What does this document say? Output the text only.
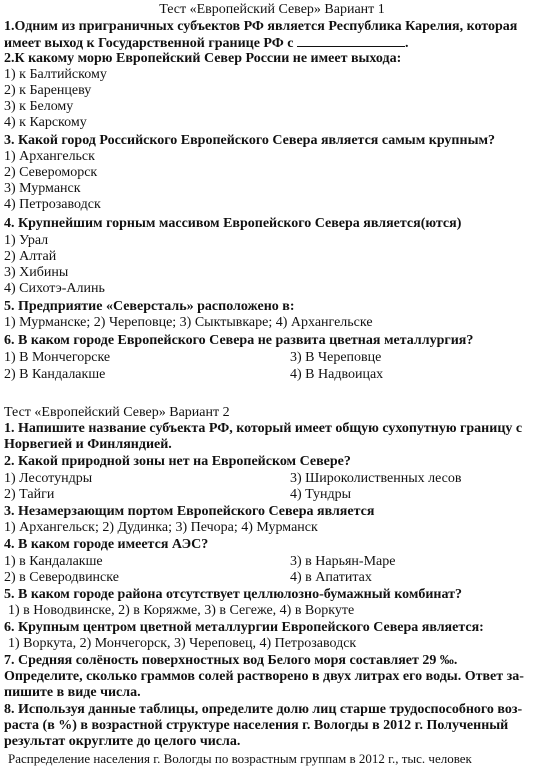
Тест «Европейский Север» Вариант 1
1.Одним из приграничных субъектов РФ является Республика Карелия, которая
имеет выход к Государственной границе РФ с	.
2.К какому морю Европейский Север России не имеет выхода:
1) к Балтийскому
2) к Баренцеву
3) к Белому
4) к Карскому
3. Какой город Российского Европейского Севера является самым крупным?
1) Архангельск
2) Североморск
3) Мурманск
4) Петрозаводск
4. Крупнейшим горным массивом Европейского Севера является(ются)
1) Урал
2) Алтай
3) Хибины
4) Сихотэ-Алинь
5. Предприятие «Северсталь» расположено в:
1) Мурманске; 2) Череповце; 3) Сыктывкаре; 4) Архангельске
6. В каком городе Европейского Севера не развита цветная металлургия?
1) В Мончегорске	3) В Череповце
2) В Кандалакше	4) В Надвоицах
Тест «Европейский Север» Вариант 2
1. Напишите название субъекта РФ, который имеет общую сухопутную границу с
Норвегией и Финляндией.
2. Какой природной зоны нет на Европейском Севере?
1) Лесотундры	3) Широколиственных лесов
2) Тайги	4) Тундры
3. Незамерзающим портом Европейского Севера является
1) Архангельск; 2) Дудинка; 3) Печора; 4) Мурманск
4. В каком городе имеется АЭС?
1) в Кандалакше	3) в Нарьян-Маре
2) в Северодвинске	4) в Апатитах
5. В каком городе района отсутствует целлюлозно-бумажный комбинат?
1) в Новодвинске, 2) в Коряжме, 3) в Сегеже, 4) в Воркуте
6. Крупным центром цветной металлургии Европейского Севера является:
1) Воркута, 2) Мончегорск, 3) Череповец, 4) Петрозаводск
7. Средняя солёность поверхностных вод Белого моря составляет 29 ‰.
Определите, сколько граммов солей растворено в двух литрах его воды. Ответ за-
пишите в виде числа.
8. Используя данные таблицы, определите долю лиц старше трудоспособного воз-
раста (в %) в возрастной структуре населения г. Вологды в 2012 г. Полученный
результат округлите до целого числа.
Распределение населения г. Вологды по возрастным группам в 2012 г., тыс. человек
